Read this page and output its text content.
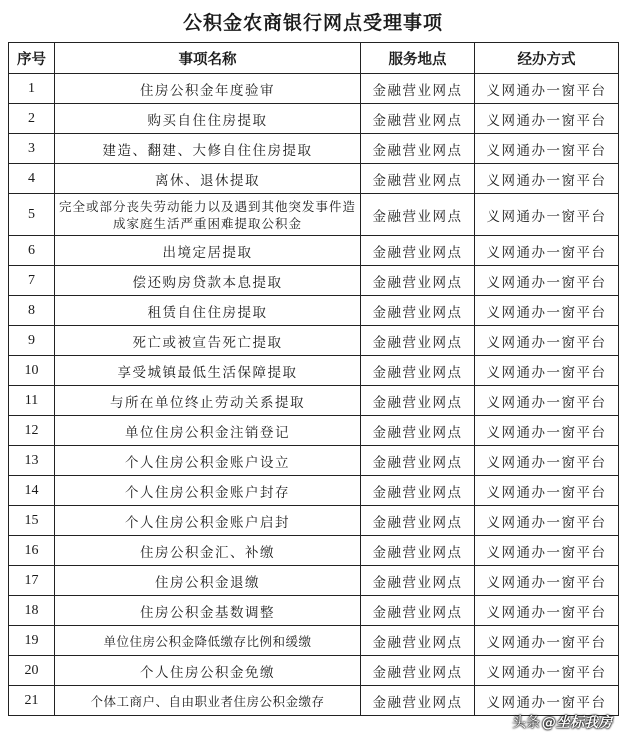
公积金农商银行网点受理事项
序号	事项名称	服务地点	经办方式
1	住房公积金年度验审	金融营业网点	义网通办一窗平台
2	购买自住住房提取	金融营业网点	义网通办一窗平台
3	建造、翻建、大修自住住房提取	金融营业网点	义网通办一窗平台
4	离休、退休提取	金融营业网点	义网通办一窗平台
5	完全或部分丧失劳动能力以及遇到其他突发事件造成家庭生活严重困难提取公积金	金融营业网点	义网通办一窗平台
6	出境定居提取	金融营业网点	义网通办一窗平台
7	偿还购房贷款本息提取	金融营业网点	义网通办一窗平台
8	租赁自住住房提取	金融营业网点	义网通办一窗平台
9	死亡或被宣告死亡提取	金融营业网点	义网通办一窗平台
10	享受城镇最低生活保障提取	金融营业网点	义网通办一窗平台
11	与所在单位终止劳动关系提取	金融营业网点	义网通办一窗平台
12	单位住房公积金注销登记	金融营业网点	义网通办一窗平台
13	个人住房公积金账户设立	金融营业网点	义网通办一窗平台
14	个人住房公积金账户封存	金融营业网点	义网通办一窗平台
15	个人住房公积金账户启封	金融营业网点	义网通办一窗平台
16	住房公积金汇、补缴	金融营业网点	义网通办一窗平台
17	住房公积金退缴	金融营业网点	义网通办一窗平台
18	住房公积金基数调整	金融营业网点	义网通办一窗平台
19	单位住房公积金降低缴存比例和缓缴	金融营业网点	义网通办一窗平台
20	个人住房公积金免缴	金融营业网点	义网通办一窗平台
21	个体工商户、自由职业者住房公积金缴存	金融营业网点	义网通办一窗平台
头条 @坐标我房
